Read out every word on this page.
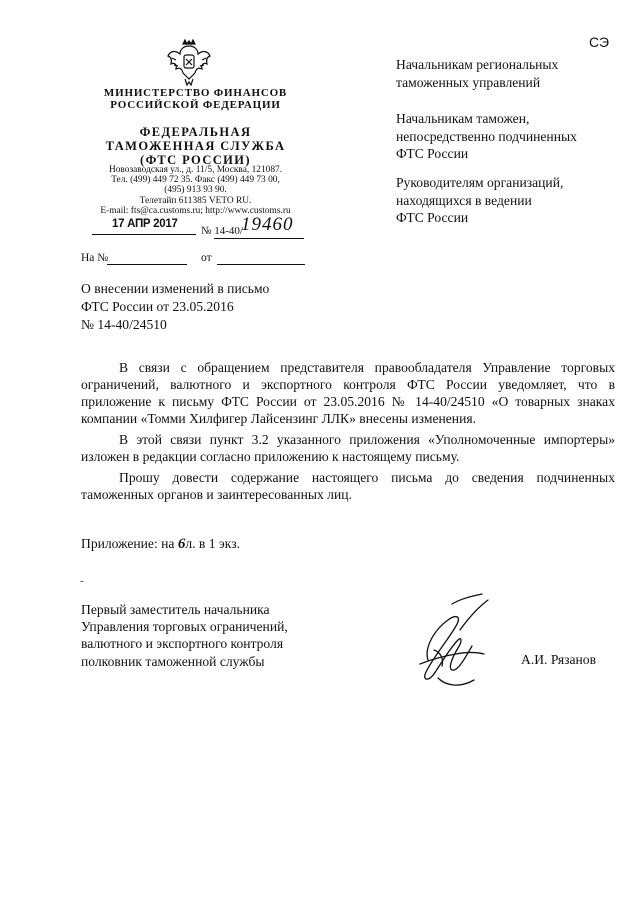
СЭ
МИНИСТЕРСТВО ФИНАНСОВ
РОССИЙСКОЙ ФЕДЕРАЦИИ
ФЕДЕРАЛЬНАЯ
ТАМОЖЕННАЯ СЛУЖБА
(ФТС РОССИИ)
Новозаводская ул., д. 11/5, Москва, 121087.
Тел. (499) 449 72 35. Факс (499) 449 73 00,
(495) 913 93 90.
Телетайп 611385 VETO RU.
E-mail: fts@ca.customs.ru; http://www.customs.ru
17 АПР 2017
№ 14-40/
19460
На №	от
Начальникам региональных
таможенных управлений
Начальникам таможен,
непосредственно подчиненных
ФТС России
Руководителям организаций,
находящихся в ведении
ФТС России
О внесении изменений в письмо
ФТС России от 23.05.2016
№ 14-40/24510

В связи с обращением представителя правообладателя Управление торговых ограничений, валютного и экспортного контроля ФТС России уведомляет, что в приложение к письму ФТС России от 23.05.2016 № 14-40/24510 «О товарных знаках компании «Томми Хилфигер Лайсензинг ЛЛК» внесены изменения.

В этой связи пункт 3.2 указанного приложения «Уполномоченные импортеры» изложен в редакции согласно приложению к настоящему письму.

Прошу довести содержание настоящего письма до сведения подчиненных таможенных органов и заинтересованных лиц.

Приложение: на 6л. в 1 экз.
-
Первый заместитель начальника
Управления торговых ограничений,
валютного и экспортного контроля
полковник таможенной службы	А.И. Рязанов
